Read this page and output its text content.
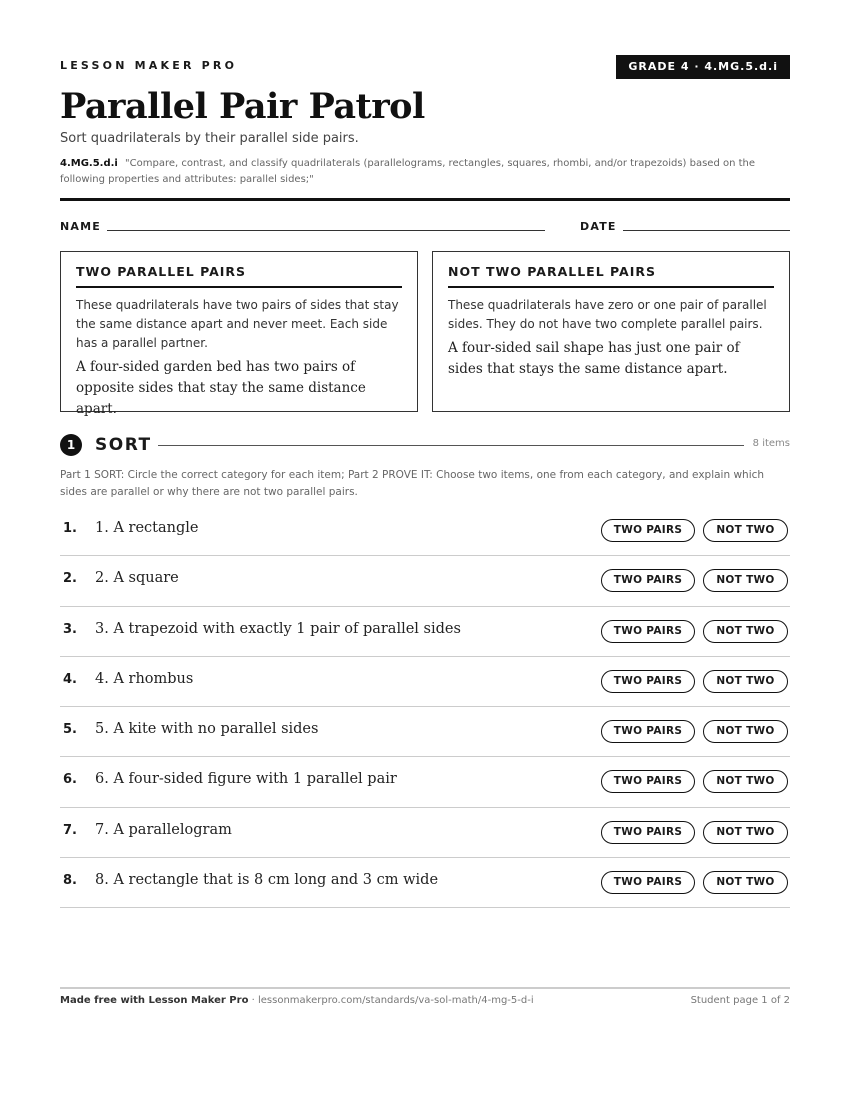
LESSON MAKER PRO	GRADE 4 · 4.MG.5.d.i
Parallel Pair Patrol
Sort quadrilaterals by their parallel side pairs.
4.MG.5.d.i "Compare, contrast, and classify quadrilaterals (parallelograms, rectangles, squares, rhombi, and/or trapezoids) based on the following properties and attributes: parallel sides;"
NAME	DATE
TWO PARALLEL PAIRS
These quadrilaterals have two pairs of sides that stay the same distance apart and never meet. Each side has a parallel partner.
A four-sided garden bed has two pairs of opposite sides that stay the same distance apart.
NOT TWO PARALLEL PAIRS
These quadrilaterals have zero or one pair of parallel sides. They do not have two complete parallel pairs.
A four-sided sail shape has just one pair of sides that stays the same distance apart.
1	SORT	8 items
Part 1 SORT: Circle the correct category for each item; Part 2 PROVE IT: Choose two items, one from each category, and explain which sides are parallel or why there are not two parallel pairs.
1. 1. A rectangle	TWO PAIRS	NOT TWO
2. 2. A square	TWO PAIRS	NOT TWO
3. 3. A trapezoid with exactly 1 pair of parallel sides	TWO PAIRS	NOT TWO
4. 4. A rhombus	TWO PAIRS	NOT TWO
5. 5. A kite with no parallel sides	TWO PAIRS	NOT TWO
6. 6. A four-sided figure with 1 parallel pair	TWO PAIRS	NOT TWO
7. 7. A parallelogram	TWO PAIRS	NOT TWO
8. 8. A rectangle that is 8 cm long and 3 cm wide	TWO PAIRS	NOT TWO
Made free with Lesson Maker Pro · lessonmakerpro.com/standards/va-sol-math/4-mg-5-d-i	Student page 1 of 2
